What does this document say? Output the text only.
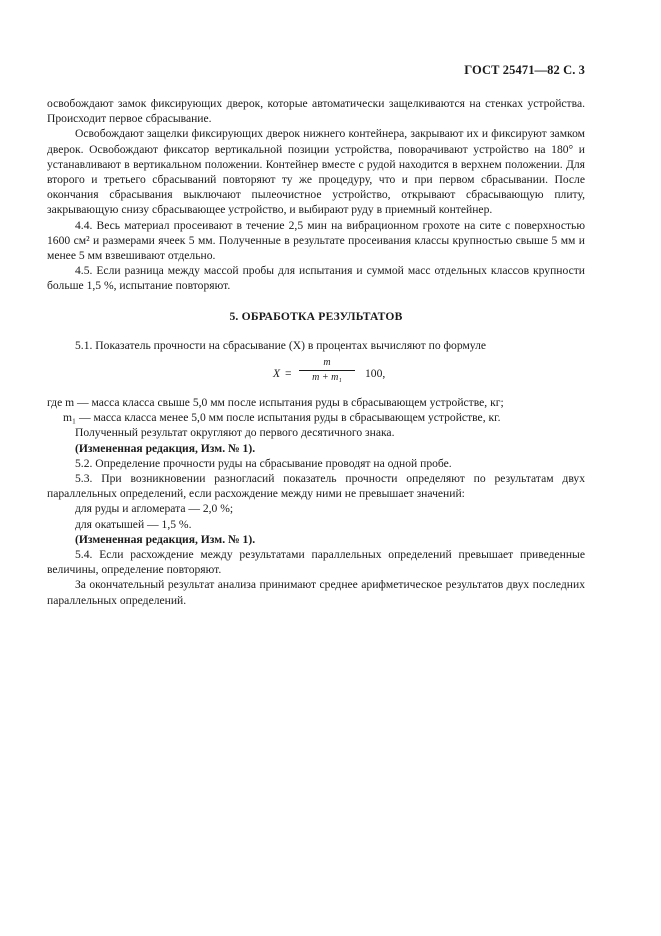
ГОСТ 25471—82 С. 3

освобождают замок фиксирующих дверок, которые автоматически защелкиваются на стенках устройства. Происходит первое сбрасывание.

Освобождают защелки фиксирующих дверок нижнего контейнера, закрывают их и фиксируют замком дверок. Освобождают фиксатор вертикальной позиции устройства, поворачивают устройство на 180° и устанавливают в вертикальном положении. Контейнер вместе с рудой находится в верхнем положении. Для второго и третьего сбрасываний повторяют ту же процедуру, что и при первом сбрасывании. После окончания сбрасывания выключают пылеочистное устройство, открывают сбрасывающую плиту, закрывающую снизу сбрасывающее устройство, и выбирают руду в приемный контейнер.

4.4. Весь материал просеивают в течение 2,5 мин на вибрационном грохоте на сите с поверхностью 1600 см² и размерами ячеек 5 мм. Полученные в результате просеивания классы крупностью свыше 5 мм и менее 5 мм взвешивают отдельно.

4.5. Если разница между массой пробы для испытания и суммой масс отдельных классов крупности больше 1,5 %, испытание повторяют.

5. ОБРАБОТКА РЕЗУЛЬТАТОВ

5.1. Показатель прочности на сбрасывание (X) в процентах вычисляют по формуле

$X = \frac{m}{\text{m + m₁}} 100$,

где m — масса класса свыше 5,0 мм после испытания руды в сбрасывающем устройстве, кг;

m₁ — масса класса менее 5,0 мм после испытания руды в сбрасывающем устройстве, кг.

Полученный результат округляют до первого десятичного знака.

(Измененная редакция, Изм. № 1).

5.2. Определение прочности руды на сбрасывание проводят на одной пробе.

5.3. При возникновении разногласий показатель прочности определяют по результатам двух параллельных определений, если расхождение между ними не превышает значений:

для руды и агломерата — 2,0 %;

для окатышей — 1,5 %.

(Измененная редакция, Изм. № 1).

5.4. Если расхождение между результатами параллельных определений превышает приведенные величины, определение повторяют.

За окончательный результат анализа принимают среднее арифметическое результатов двух последних параллельных определений.
